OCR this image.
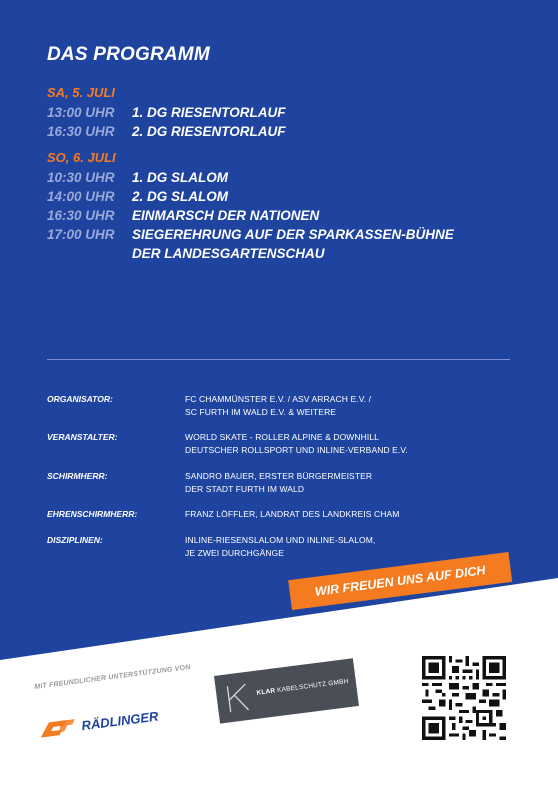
DAS PROGRAMM
SA, 5. JULI
13:00 UHR 1. DG RIESENTORLAUF
16:30 UHR 2. DG RIESENTORLAUF
SO, 6. JULI
10:30 UHR 1. DG SLALOM
14:00 UHR 2. DG SLALOM
16:30 UHR EINMARSCH DER NATIONEN
17:00 UHR SIEGEREHRUNG AUF DER SPARKASSEN-BÜHNE
DER LANDESGARTENSCHAU
ORGANISATOR:	FC CHAMMÜNSTER E.V. / ASV ARRACH E.V. /
SC FURTH IM WALD E.V. & WEITERE
VERANSTALTER:	WORLD SKATE - ROLLER ALPINE & DOWNHILL
DEUTSCHER ROLLSPORT UND INLINE-VERBAND E.V.
SCHIRMHERR:	SANDRO BAUER, ERSTER BÜRGERMEISTER
DER STADT FURTH IM WALD
EHRENSCHIRMHERR:	FRANZ LÖFFLER, LANDRAT DES LANDKREIS CHAM
DISZIPLINEN:	INLINE-RIESENSLALOM UND INLINE-SLALOM,
JE ZWEI DURCHGÄNGE
WIR FREUEN UNS AUF DICH
MIT FREUNDLICHER UNTERSTÜTZUNG VON
RÄDLINGER
KLAR KABELSCHUTZ GMBH
